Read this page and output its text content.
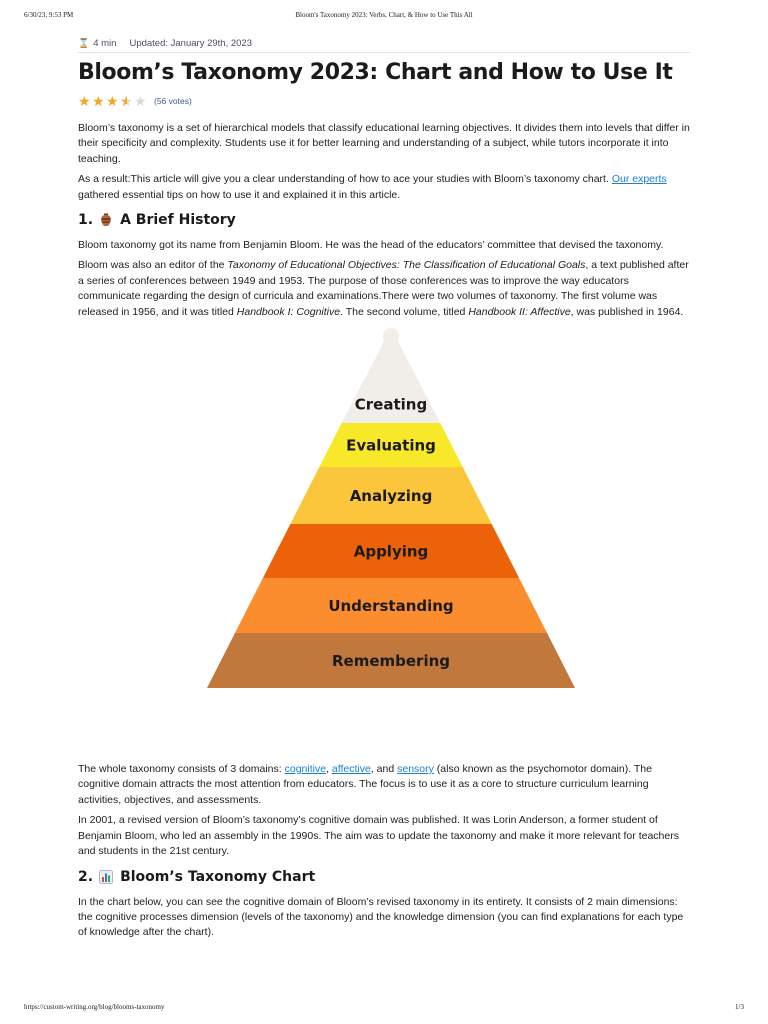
6/30/23, 9:53 PM	Bloom's Taxonomy 2023: Verbs, Chart, & How to Use This All
⌛ 4 min Updated: January 29th, 2023
Bloom’s Taxonomy 2023: Chart and How to Use It
★ ★ ★
★ ★ ★ (56 votes)

Bloom’s taxonomy is a set of hierarchical models that classify educational learning objectives. It divides them into levels that differ in their specificity and complexity. Students use it for better learning and understanding of a subject, while tutors incorporate it into teaching.

As a result:This article will give you a clear understanding of how to ace your studies with Bloom’s taxonomy chart. Our experts gathered essential tips on how to use it and explained it in this article.

1. A Brief History

Bloom taxonomy got its name from Benjamin Bloom. He was the head of the educators’ committee that devised the taxonomy.

Bloom was also an editor of the Taxonomy of Educational Objectives: The Classification of Educational Goals, a text published after a series of conferences between 1949 and 1953. The purpose of those conferences was to improve the way educators communicate regarding the design of curricula and examinations.There were two volumes of taxonomy. The first volume was released in 1956, and it was titled Handbook I: Cognitive. The second volume, titled Handbook II: Affective, was published in 1964.

Creating
Evaluating
Analyzing
Applying
Understanding
Remembering

The whole taxonomy consists of 3 domains: cognitive, affective, and sensory (also known as the psychomotor domain). The cognitive domain attracts the most attention from educators. The focus is to use it as a core to structure curriculum learning activities, objectives, and assessments.

In 2001, a revised version of Bloom’s taxonomy’s cognitive domain was published. It was Lorin Anderson, a former student of Benjamin Bloom, who led an assembly in the 1990s. The aim was to update the taxonomy and make it more relevant for teachers and students in the 21st century.

2. Bloom’s Taxonomy Chart

In the chart below, you can see the cognitive domain of Bloom’s revised taxonomy in its entirety. It consists of 2 main dimensions: the cognitive processes dimension (levels of the taxonomy) and the knowledge dimension (you can find explanations for each type of knowledge after the chart).

https://custom-writing.org/blog/blooms-taxonomy	1/3
